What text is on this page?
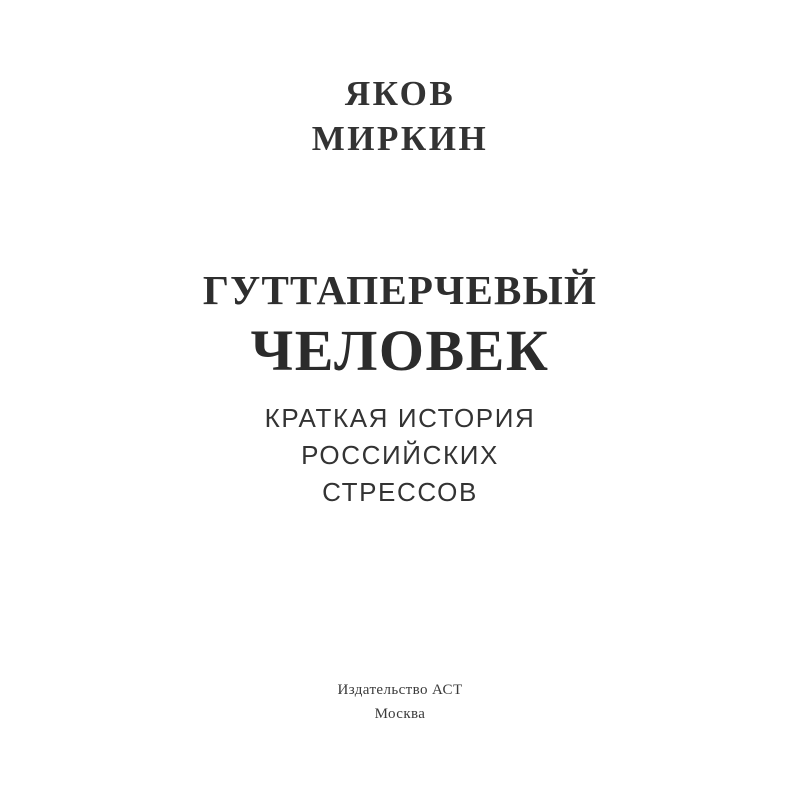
ЯКОВ
МИРКИН
ГУТТАПЕРЧЕВЫЙ
ЧЕЛОВЕК
КРАТКАЯ ИСТОРИЯ
РОССИЙСКИХ
СТРЕССОВ
Издательство АСТ
Москва
